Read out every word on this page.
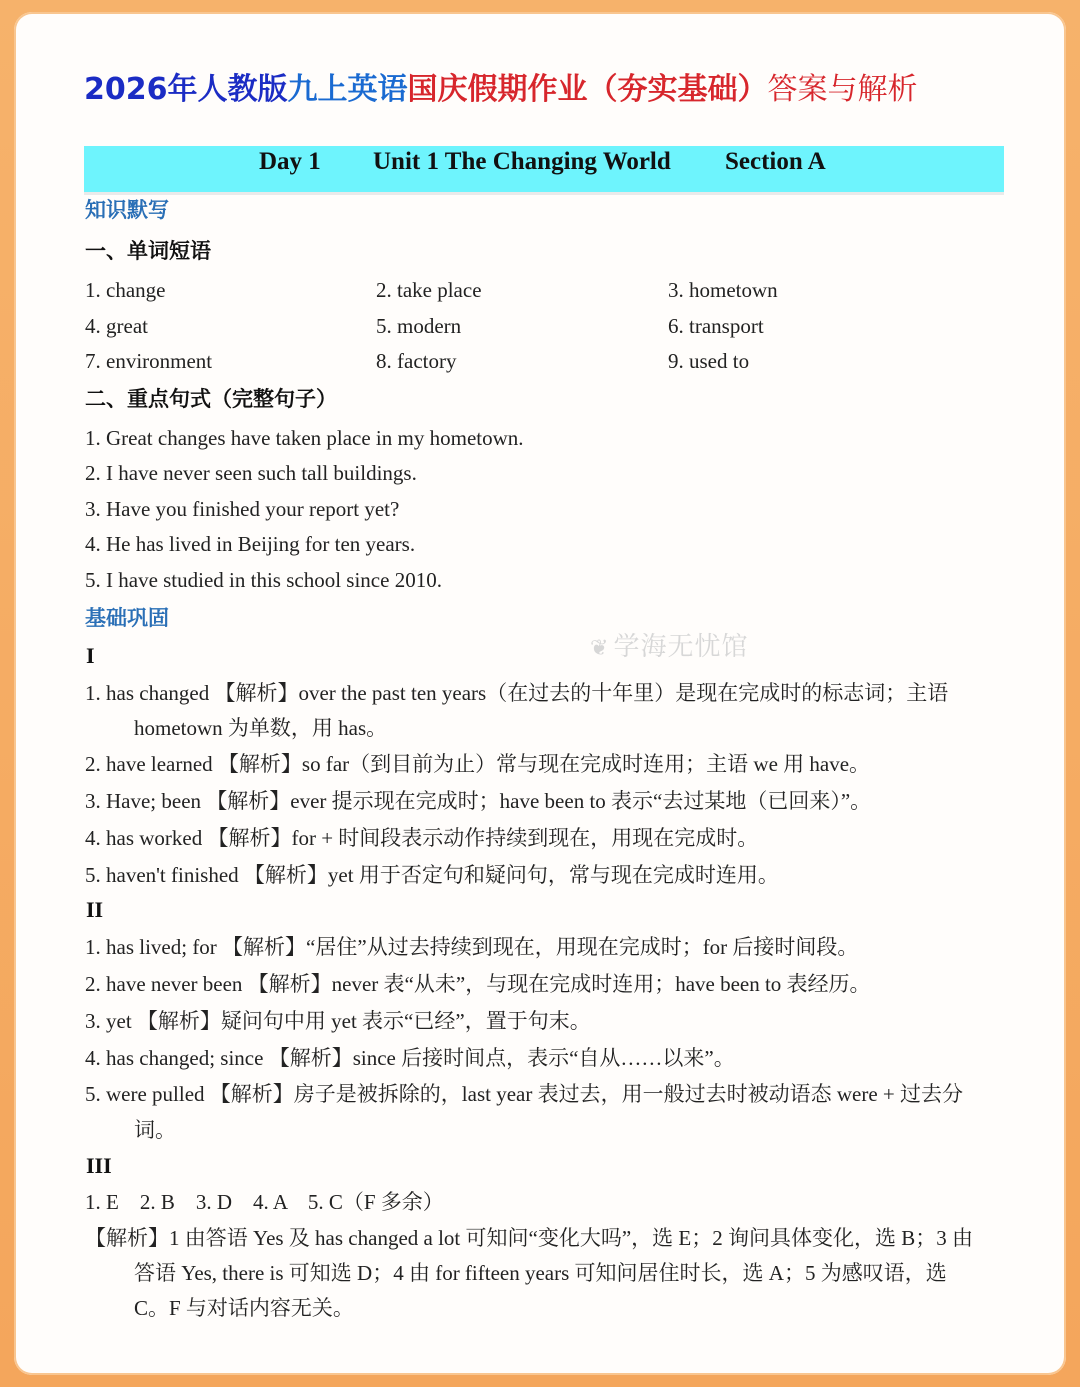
2026年人教版九上英语国庆假期作业（夯实基础）答案与解析
Day 1 Unit 1 The Changing World Section A
知识默写
一、单词短语
1. change	2. take place	3. hometown
4. great	5. modern	6. transport
7. environment	8. factory	9. used to
二、重点句式（完整句子）
1. Great changes have taken place in my hometown.
2. I have never seen such tall buildings.
3. Have you finished your report yet?
4. He has lived in Beijing for ten years.
5. I have studied in this school since 2010.
基础巩固
❦ 学海无忧馆
I
1. has changed 【解析】over the past ten years（在过去的十年里）是现在完成时的标志词；主语
hometown 为单数，用 has。
2. have learned 【解析】so far（到目前为止）常与现在完成时连用；主语 we 用 have。
3. Have; been 【解析】ever 提示现在完成时；have been to 表示“去过某地（已回来）”。
4. has worked 【解析】for + 时间段表示动作持续到现在，用现在完成时。
5. haven't finished 【解析】yet 用于否定句和疑问句，常与现在完成时连用。
II
1. has lived; for 【解析】“居住”从过去持续到现在，用现在完成时；for 后接时间段。
2. have never been 【解析】never 表“从未”，与现在完成时连用；have been to 表经历。
3. yet 【解析】疑问句中用 yet 表示“已经”，置于句末。
4. has changed; since 【解析】since 后接时间点，表示“自从……以来”。
5. were pulled 【解析】房子是被拆除的，last year 表过去，用一般过去时被动语态 were + 过去分
词。
III
1. E    2. B    3. D    4. A    5. C（F 多余）
【解析】1 由答语 Yes 及 has changed a lot 可知问“变化大吗”，选 E；2 询问具体变化，选 B；3 由
答语 Yes, there is 可知选 D；4 由 for fifteen years 可知问居住时长，选 A；5 为感叹语，选
C。F 与对话内容无关。
